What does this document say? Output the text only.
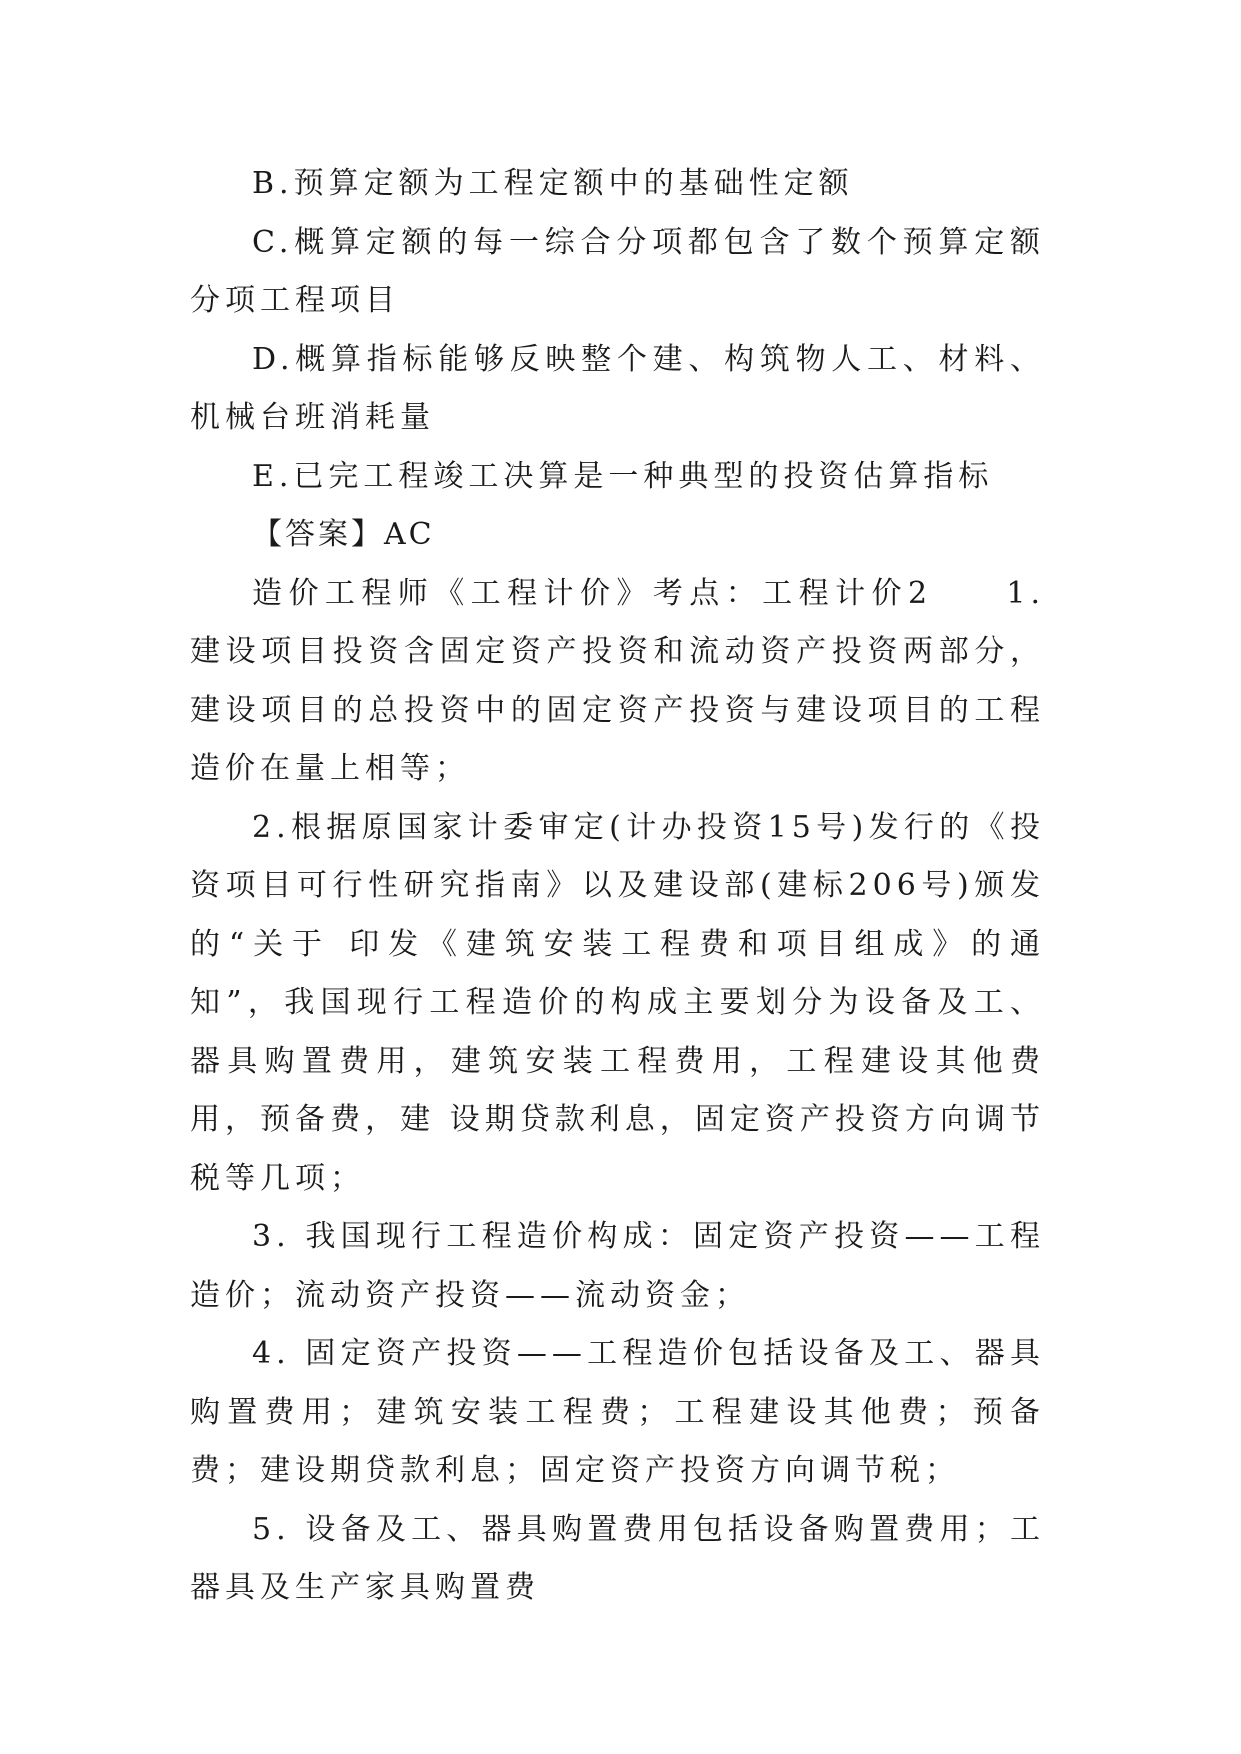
B.预算定额为工程定额中的基础性定额

C.概算定额的每一综合分项都包含了数个预算定额分项工程项目

D.概算指标能够反映整个建、构筑物人工、材料、机械台班消耗量

E.已完工程竣工决算是一种典型的投资估算指标

【答案】AC

造价工程师《工程计价》考点：工程计价2　　1.建设项目投资含固定资产投资和流动资产投资两部分，建设项目的总投资中的固定资产投资与建设项目的工程造价在量上相等；

2.根据原国家计委审定(计办投资15号)发行的《投资项目可行性研究指南》以及建设部(建标206号)颁发的“关于 印发《建筑安装工程费和项目组成》的通知”，我国现行工程造价的构成主要划分为设备及工、器具购置费用，建筑安装工程费用，工程建设其他费用，预备费，建 设期贷款利息，固定资产投资方向调节税等几项；

3. 我国现行工程造价构成：固定资产投资——工程造价；流动资产投资——流动资金；

4. 固定资产投资——工程造价包括设备及工、器具购置费用；建筑安装工程费；工程建设其他费；预备费；建设期贷款利息；固定资产投资方向调节税；

5. 设备及工、器具购置费用包括设备购置费用；工器具及生产家具购置费
